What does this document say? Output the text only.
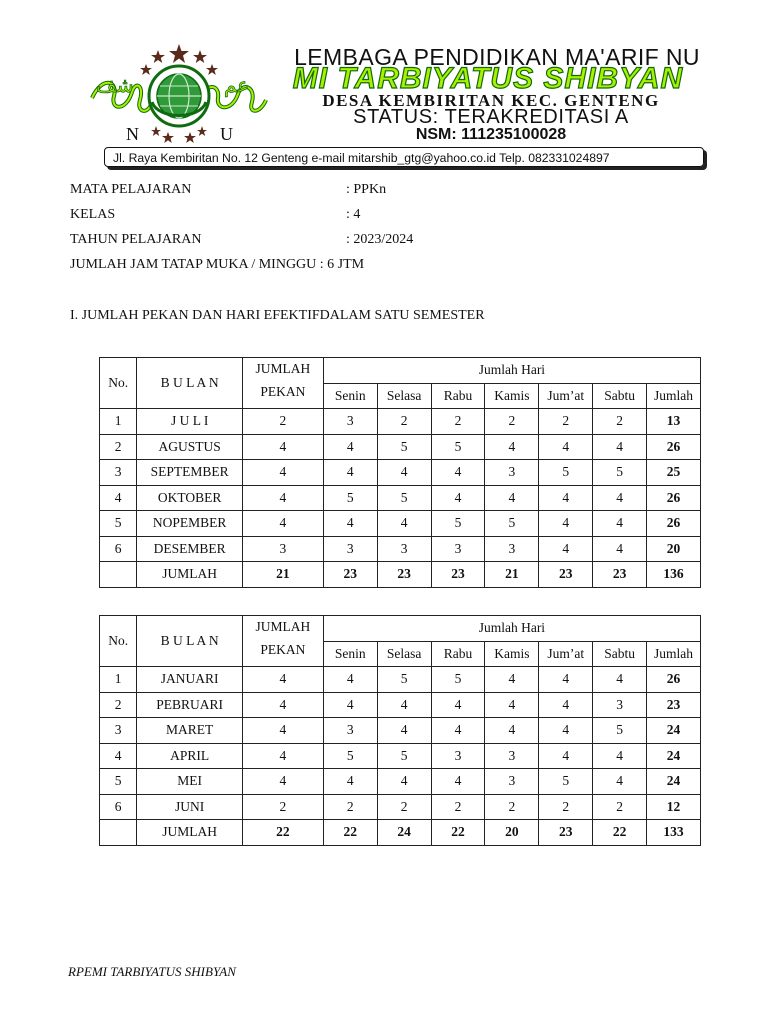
شف	عم
N	U
LEMBAGA PENDIDIKAN MA'ARIF NU
MI TARBIYATUS SHIBYAN
DESA KEMBIRITAN KEC. GENTENG
STATUS: TERAKREDITASI A
NSM: 111235100028
Jl. Raya Kembiritan No. 12 Genteng e-mail mitarshib_gtg@yahoo.co.id Telp. 082331024897
MATA PELAJARAN	: PPKn
KELAS	: 4
TAHUN PELAJARAN	: 2023/2024
JUMLAH JAM TATAP MUKA / MINGGU : 6 JTM
I. JUMLAH PEKAN DAN HARI EFEKTIFDALAM SATU SEMESTER
No.	B U L A N	JUMLAH
PEKAN	Jumlah Hari						
			Senin	Selasa	Rabu	Kamis	Jum’at	Sabtu	Jumlah
1	J U L I	2	3	2	2	2	2	2	13
2	AGUSTUS	4	4	5	5	4	4	4	26
3	SEPTEMBER	4	4	4	4	3	5	5	25
4	OKTOBER	4	5	5	4	4	4	4	26
5	NOPEMBER	4	4	4	5	5	4	4	26
6	DESEMBER	3	3	3	3	3	4	4	20
	JUMLAH	21	23	23	23	21	23	23	136
No.	B U L A N	JUMLAH
PEKAN	Jumlah Hari						
			Senin	Selasa	Rabu	Kamis	Jum’at	Sabtu	Jumlah
1	JANUARI	4	4	5	5	4	4	4	26
2	PEBRUARI	4	4	4	4	4	4	3	23
3	MARET	4	3	4	4	4	4	5	24
4	APRIL	4	5	5	3	3	4	4	24
5	MEI	4	4	4	4	3	5	4	24
6	JUNI	2	2	2	2	2	2	2	12
	JUMLAH	22	22	24	22	20	23	22	133
RPEMI TARBIYATUS SHIBYAN
